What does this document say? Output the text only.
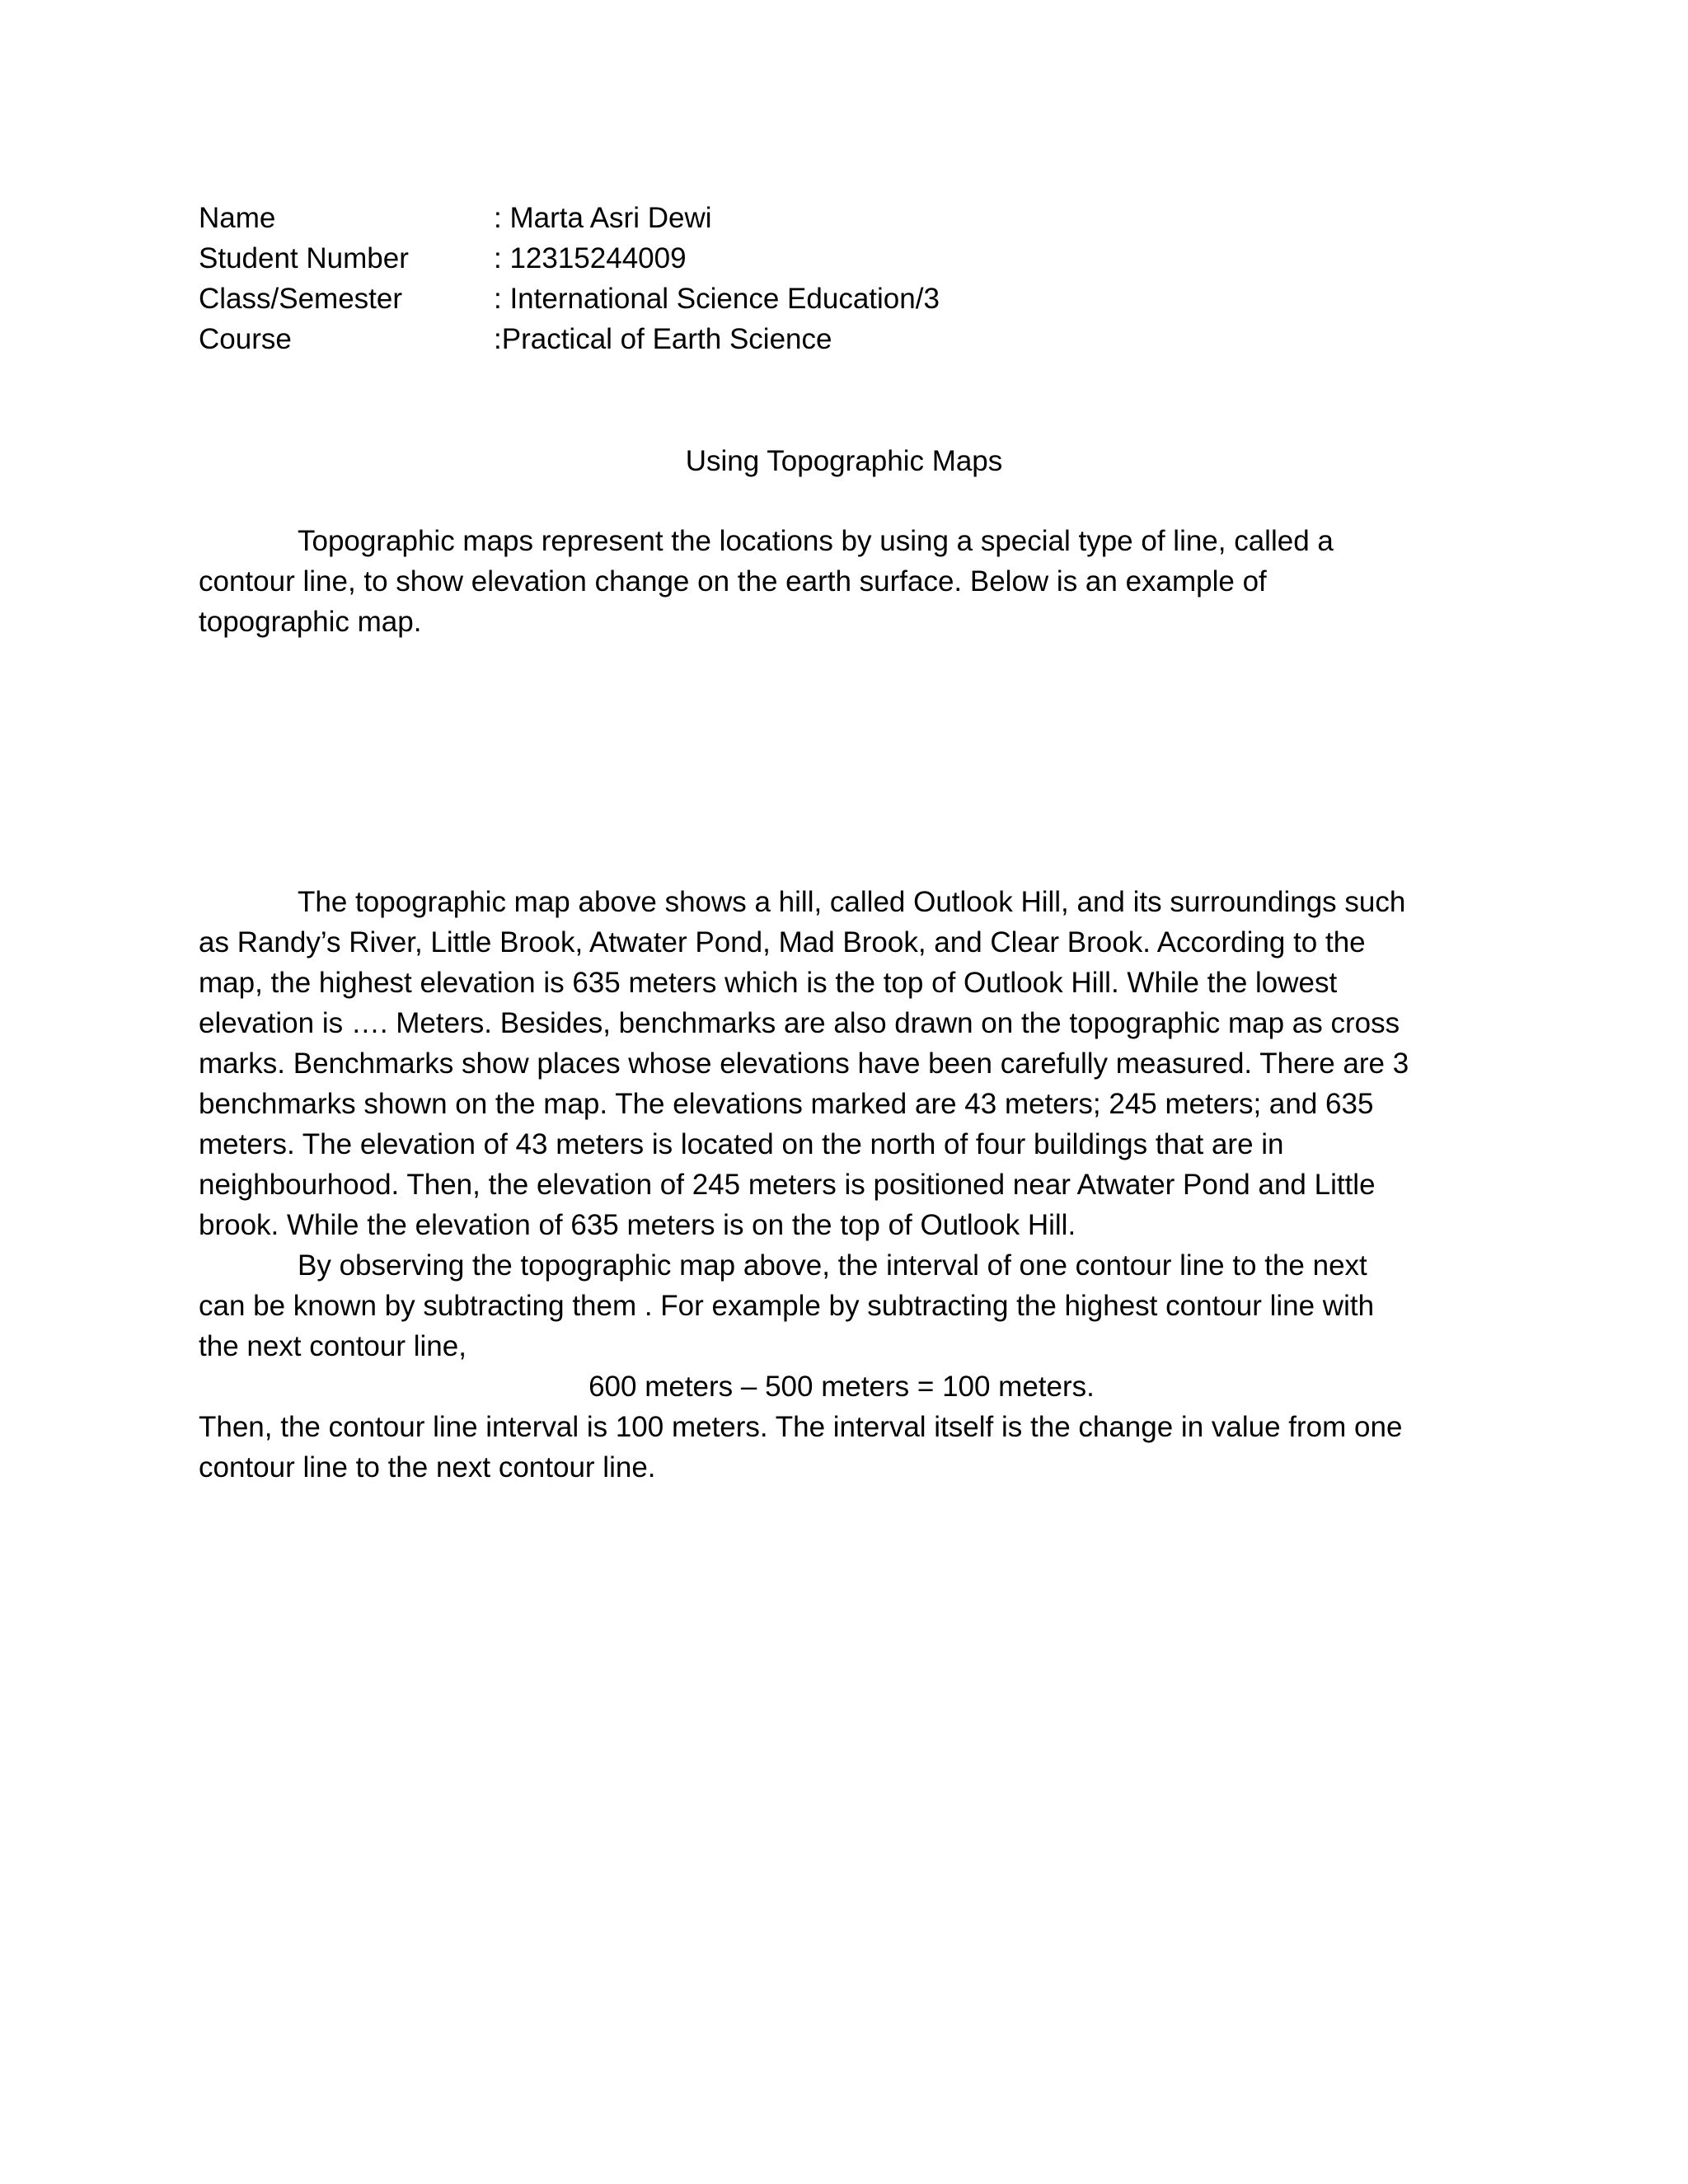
Name	: Marta Asri Dewi
Student Number	: 12315244009
Class/Semester	: International Science Education/3
Course	:Practical of Earth Science
Using Topographic Maps
Topographic maps represent the locations by using a special type of line, called a
contour line, to show elevation change on the earth surface. Below is an example of
topographic map.
The topographic map above shows a hill, called Outlook Hill, and its surroundings such
as Randy’s River, Little Brook, Atwater Pond, Mad Brook, and Clear Brook. According to the
map, the highest elevation is 635 meters which is the top of Outlook Hill. While the lowest
elevation is …. Meters. Besides, benchmarks are also drawn on the topographic map as cross
marks. Benchmarks show places whose elevations have been carefully measured. There are 3
benchmarks shown on the map. The elevations marked are 43 meters; 245 meters; and 635
meters. The elevation of 43 meters is located on the north of four buildings that are in
neighbourhood. Then, the elevation of 245 meters is positioned near Atwater Pond and Little
brook. While the elevation of 635 meters is on the top of Outlook Hill.
By observing the topographic map above, the interval of one contour line to the next
can be known by subtracting them . For example by subtracting the highest contour line with
the next contour line,
600 meters – 500 meters = 100 meters.
Then, the contour line interval is 100 meters. The interval itself is the change in value from one
contour line to the next contour line.
